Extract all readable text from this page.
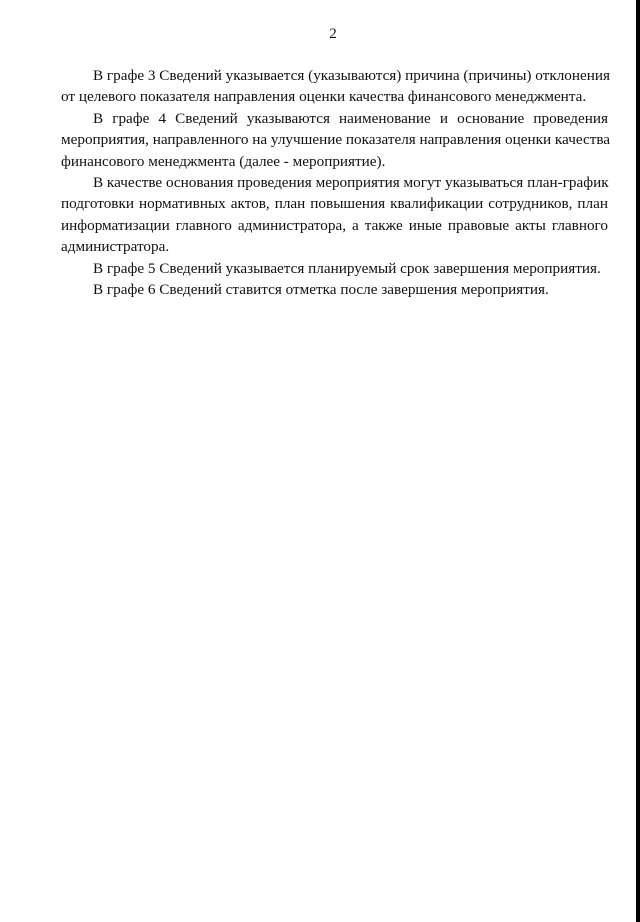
2
В графе 3 Сведений указывается (указываются) причина (причины) отклонения
от целевого показателя направления оценки качества финансового менеджмента.
В графе 4 Сведений указываются наименование и основание проведения
мероприятия, направленного на улучшение показателя направления оценки качества
финансового менеджмента (далее - мероприятие).
В качестве основания проведения мероприятия могут указываться план-график
подготовки нормативных актов, план повышения квалификации сотрудников, план
информатизации главного администратора, а также иные правовые акты главного
администратора.
В графе 5 Сведений указывается планируемый срок завершения мероприятия.
В графе 6 Сведений ставится отметка после завершения мероприятия.
